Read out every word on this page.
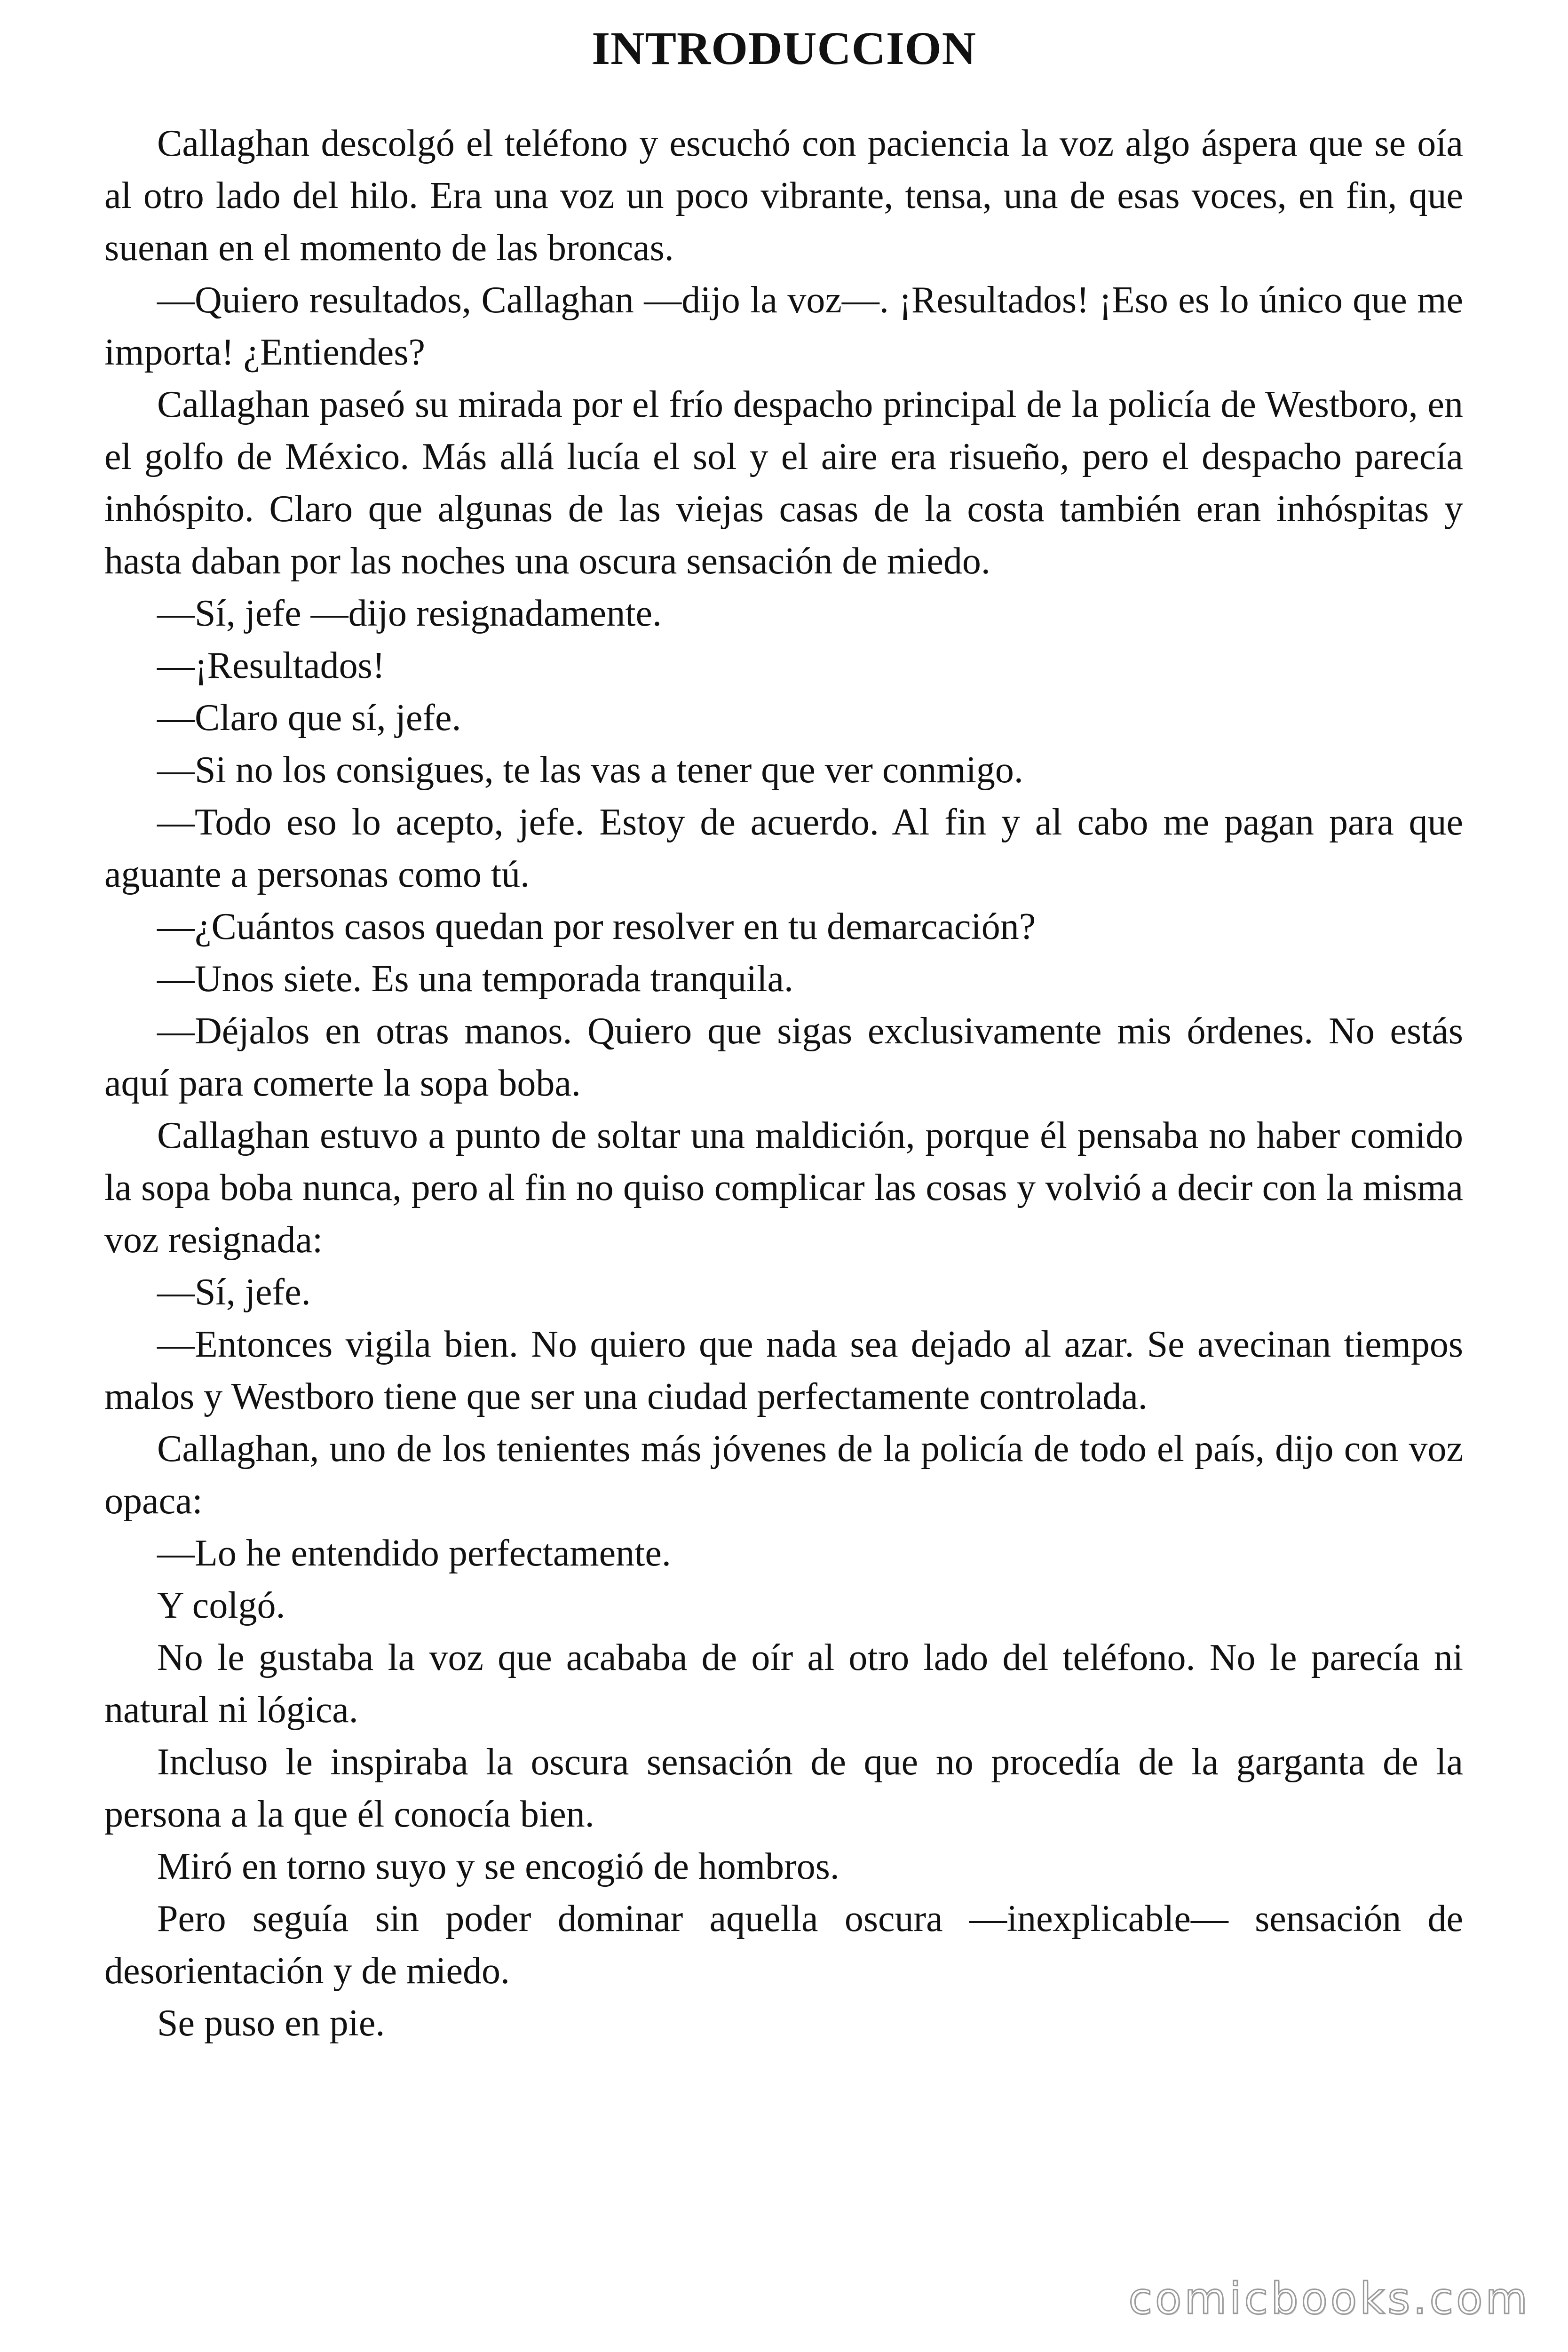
INTRODUCCION

Callaghan descolgó el teléfono y escuchó con paciencia la voz algo áspera que se oía al otro lado del hilo. Era una voz un poco vibrante, tensa, una de esas voces, en fin, que suenan en el momento de las broncas.

—Quiero resultados, Callaghan —dijo la voz—. ¡Resultados! ¡Eso es lo único que me importa! ¿Entiendes?

Callaghan paseó su mirada por el frío despacho principal de la policía de Westboro, en el golfo de México. Más allá lucía el sol y el aire era risueño, pero el despacho parecía inhóspito. Claro que algunas de las viejas casas de la costa también eran inhóspitas y hasta daban por las noches una oscura sensación de miedo.

—Sí, jefe —dijo resignadamente.

—¡Resultados!

—Claro que sí, jefe.

—Si no los consigues, te las vas a tener que ver conmigo.

—Todo eso lo acepto, jefe. Estoy de acuerdo. Al fin y al cabo me pagan para que aguante a personas como tú.

—¿Cuántos casos quedan por resolver en tu demarcación?

—Unos siete. Es una temporada tranquila.

—Déjalos en otras manos. Quiero que sigas exclusivamente mis órdenes. No estás aquí para comerte la sopa boba.

Callaghan estuvo a punto de soltar una maldición, porque él pensaba no haber comido la sopa boba nunca, pero al fin no quiso complicar las cosas y volvió a decir con la misma voz resignada:

—Sí, jefe.

—Entonces vigila bien. No quiero que nada sea dejado al azar. Se avecinan tiempos malos y Westboro tiene que ser una ciudad perfectamente controlada.

Callaghan, uno de los tenientes más jóvenes de la policía de todo el país, dijo con voz opaca:

—Lo he entendido perfectamente.

Y colgó.

No le gustaba la voz que acababa de oír al otro lado del teléfono. No le parecía ni natural ni lógica.

Incluso le inspiraba la oscura sensación de que no procedía de la garganta de la persona a la que él conocía bien.

Miró en torno suyo y se encogió de hombros.

Pero seguía sin poder dominar aquella oscura —inexplicable— sensación de desorientación y de miedo.

Se puso en pie.

comicbooks.com
